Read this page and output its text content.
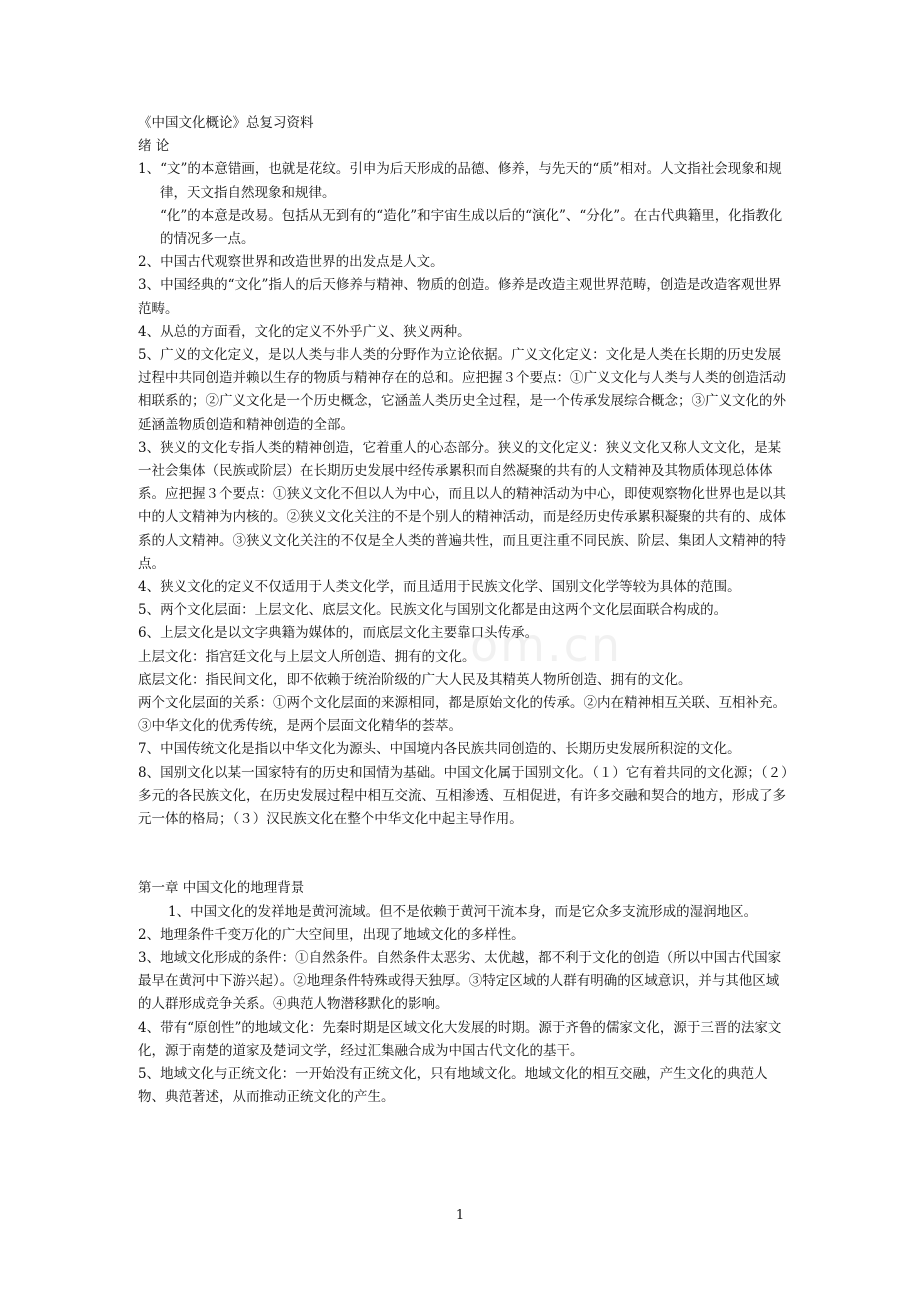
om.cn
《中国文化概论》总复习资料
绪 论
1、“文”的本意错画，也就是花纹。引申为后天形成的品德、修养，与先天的“质”相对。人文指社会现象和规律，天文指自然现象和规律。
“化”的本意是改易。包括从无到有的“造化”和宇宙生成以后的“演化”、“分化”。在古代典籍里，化指教化的情况多一点。
2、中国古代观察世界和改造世界的出发点是人文。
3、中国经典的“文化”指人的后天修养与精神、物质的创造。修养是改造主观世界范畴，创造是改造客观世界范畴。
4、从总的方面看，文化的定义不外乎广义、狭义两种。
5、广义的文化定义，是以人类与非人类的分野作为立论依据。广义文化定义：文化是人类在长期的历史发展过程中共同创造并赖以生存的物质与精神存在的总和。应把握３个要点：①广义文化与人类与人类的创造活动相联系的；②广义文化是一个历史概念，它涵盖人类历史全过程，是一个传承发展综合概念；③广义文化的外延涵盖物质创造和精神创造的全部。
3、狭义的文化专指人类的精神创造，它着重人的心态部分。狭义的文化定义：狭义文化又称人文文化，是某一社会集体（民族或阶层）在长期历史发展中经传承累积而自然凝聚的共有的人文精神及其物质体现总体体系。应把握３个要点：①狭义文化不但以人为中心，而且以人的精神活动为中心，即使观察物化世界也是以其中的人文精神为内核的。②狭义文化关注的不是个别人的精神活动，而是经历史传承累积凝聚的共有的、成体系的人文精神。③狭义文化关注的不仅是全人类的普遍共性，而且更注重不同民族、阶层、集团人文精神的特点。
4、狭义文化的定义不仅适用于人类文化学，而且适用于民族文化学、国别文化学等较为具体的范围。
5、两个文化层面：上层文化、底层文化。民族文化与国别文化都是由这两个文化层面联合构成的。
6、上层文化是以文字典籍为媒体的，而底层文化主要靠口头传承。
上层文化：指宫廷文化与上层文人所创造、拥有的文化。
底层文化：指民间文化，即不依赖于统治阶级的广大人民及其精英人物所创造、拥有的文化。
两个文化层面的关系：①两个文化层面的来源相同，都是原始文化的传承。②内在精神相互关联、互相补充。③中华文化的优秀传统，是两个层面文化精华的荟萃。
7、中国传统文化是指以中华文化为源头、中国境内各民族共同创造的、长期历史发展所积淀的文化。
8、国别文化以某一国家特有的历史和国情为基础。中国文化属于国别文化。（１）它有着共同的文化源；（２）多元的各民族文化，在历史发展过程中相互交流、互相渗透、互相促进，有许多交融和契合的地方，形成了多元一体的格局；（３）汉民族文化在整个中华文化中起主导作用。
第一章 中国文化的地理背景
1、中国文化的发祥地是黄河流域。但不是依赖于黄河干流本身，而是它众多支流形成的湿润地区。
2、地理条件千变万化的广大空间里，出现了地域文化的多样性。
3、地域文化形成的条件：①自然条件。自然条件太恶劣、太优越，都不利于文化的创造（所以中国古代国家最早在黄河中下游兴起）。②地理条件特殊或得天独厚。③特定区域的人群有明确的区域意识，并与其他区域的人群形成竞争关系。④典范人物潜移默化的影响。
4、带有“原创性”的地域文化：先秦时期是区域文化大发展的时期。源于齐鲁的儒家文化，源于三晋的法家文化，源于南楚的道家及楚词文学，经过汇集融合成为中国古代文化的基干。
5、地域文化与正统文化：一开始没有正统文化，只有地域文化。地域文化的相互交融，产生文化的典范人物、典范著述，从而推动正统文化的产生。
1
